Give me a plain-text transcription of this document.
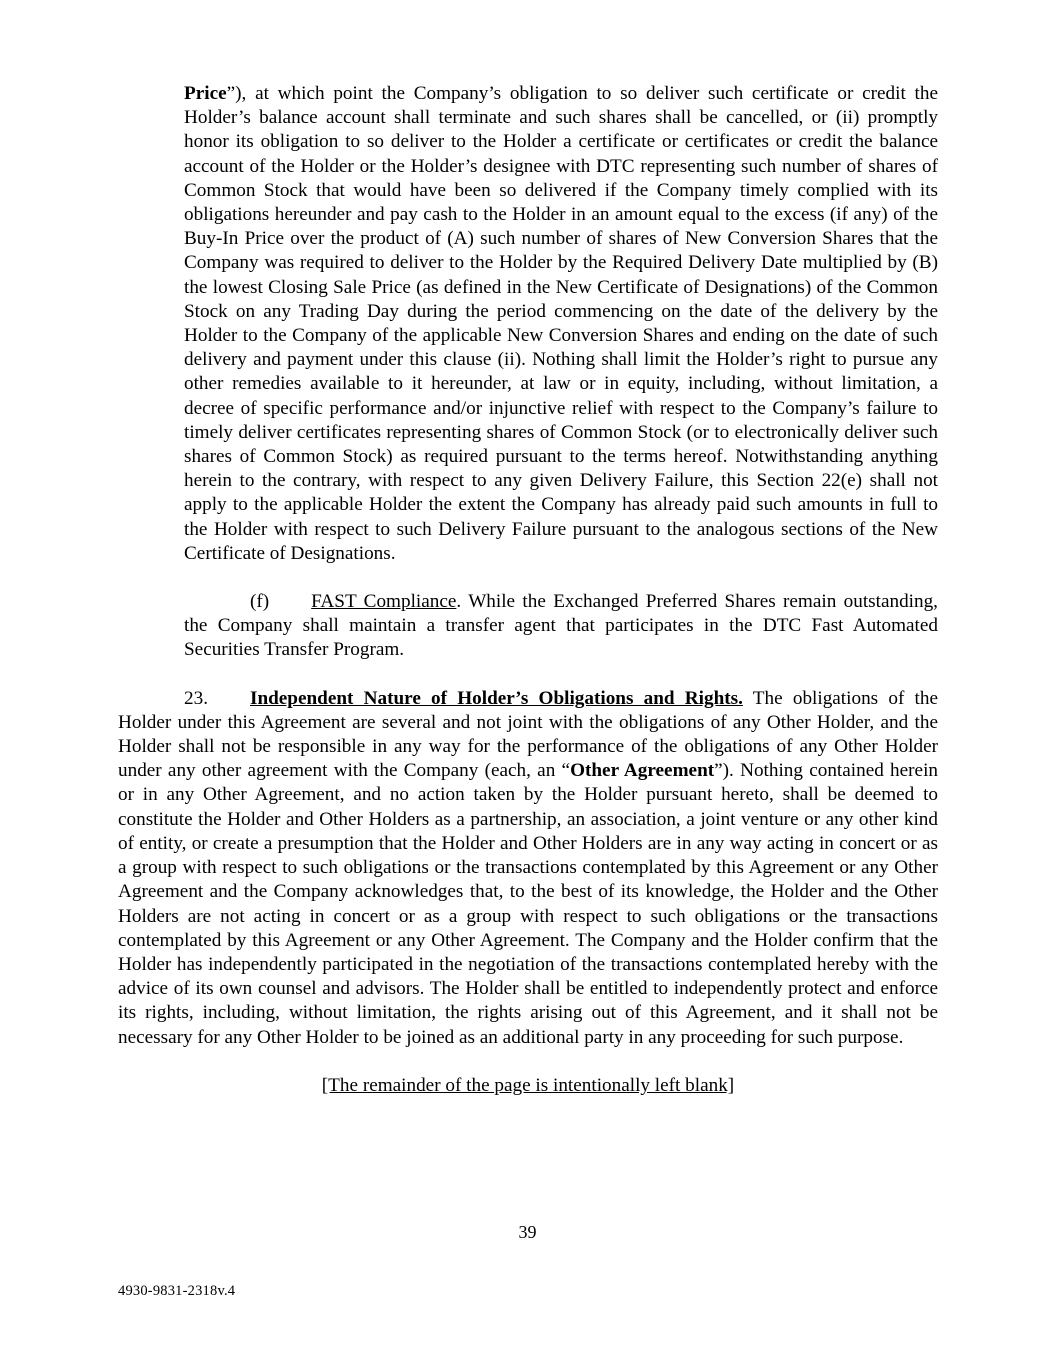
Price”), at which point the Company’s obligation to so deliver such certificate or credit the Holder’s balance account shall terminate and such shares shall be cancelled, or (ii) promptly honor its obligation to so deliver to the Holder a certificate or certificates or credit the balance account of the Holder or the Holder’s designee with DTC representing such number of shares of Common Stock that would have been so delivered if the Company timely complied with its obligations hereunder and pay cash to the Holder in an amount equal to the excess (if any) of the Buy-In Price over the product of (A) such number of shares of New Conversion Shares that the Company was required to deliver to the Holder by the Required Delivery Date multiplied by (B) the lowest Closing Sale Price (as defined in the New Certificate of Designations) of the Common Stock on any Trading Day during the period commencing on the date of the delivery by the Holder to the Company of the applicable New Conversion Shares and ending on the date of such delivery and payment under this clause (ii). Nothing shall limit the Holder’s right to pursue any other remedies available to it hereunder, at law or in equity, including, without limitation, a decree of specific performance and/or injunctive relief with respect to the Company’s failure to timely deliver certificates representing shares of Common Stock (or to electronically deliver such shares of Common Stock) as required pursuant to the terms hereof. Notwithstanding anything herein to the contrary, with respect to any given Delivery Failure, this Section 22(e) shall not apply to the applicable Holder the extent the Company has already paid such amounts in full to the Holder with respect to such Delivery Failure pursuant to the analogous sections of the New Certificate of Designations.

(f) FAST Compliance. While the Exchanged Preferred Shares remain outstanding, the Company shall maintain a transfer agent that participates in the DTC Fast Automated Securities Transfer Program.

23. Independent Nature of Holder’s Obligations and Rights. The obligations of the Holder under this Agreement are several and not joint with the obligations of any Other Holder, and the Holder shall not be responsible in any way for the performance of the obligations of any Other Holder under any other agreement with the Company (each, an “Other Agreement”). Nothing contained herein or in any Other Agreement, and no action taken by the Holder pursuant hereto, shall be deemed to constitute the Holder and Other Holders as a partnership, an association, a joint venture or any other kind of entity, or create a presumption that the Holder and Other Holders are in any way acting in concert or as a group with respect to such obligations or the transactions contemplated by this Agreement or any Other Agreement and the Company acknowledges that, to the best of its knowledge, the Holder and the Other Holders are not acting in concert or as a group with respect to such obligations or the transactions contemplated by this Agreement or any Other Agreement. The Company and the Holder confirm that the Holder has independently participated in the negotiation of the transactions contemplated hereby with the advice of its own counsel and advisors. The Holder shall be entitled to independently protect and enforce its rights, including, without limitation, the rights arising out of this Agreement, and it shall not be necessary for any Other Holder to be joined as an additional party in any proceeding for such purpose.

[The remainder of the page is intentionally left blank]
39
4930-9831-2318v.4
